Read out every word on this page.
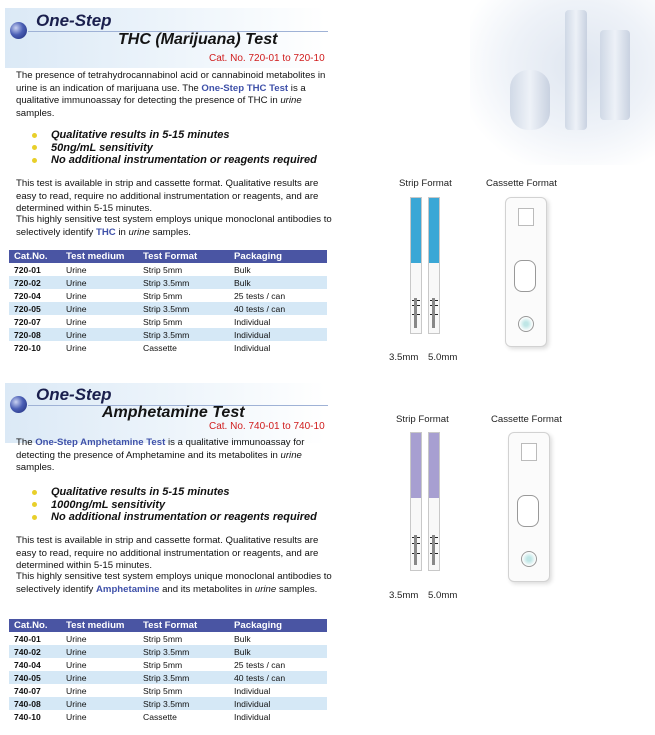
One-Step
THC (Marijuana) Test
Cat. No. 720-01 to 720-10

The presence of tetrahydrocannabinol acid or cannabinoid metabolites in urine is an indication of marijuana use. The One-Step THC Test is a qualitative immunoassay for detecting the presence of THC in urine samples.

Qualitative results in 5-15 minutes
50ng/mL sensitivity
No additional instrumentation or reagents required

This test is available in strip and cassette format. Qualitative results are easy to read, require no additional instrumentation or reagents, and are determined within 5-15 minutes.

This highly sensitive test system employs unique monoclonal antibodies to selectively identify THC in urine samples.

Cat.No.	Test medium	Test Format	Packaging
720-01	Urine	Strip 5mm	Bulk
720-02	Urine	Strip 3.5mm	Bulk
720-04	Urine	Strip 5mm	25 tests / can
720-05	Urine	Strip 3.5mm	40 tests / can
720-07	Urine	Strip 5mm	Individual
720-08	Urine	Strip 3.5mm	Individual
720-10	Urine	Cassette	Individual
Strip Format	Cassette Format
3.5mm 5.0mm
One-Step
Amphetamine Test
Cat. No. 740-01 to 740-10

The One-Step Amphetamine Test is a qualitative immunoassay for detecting the presence of Amphetamine and its metabolites in urine samples.

Qualitative results in 5-15 minutes
1000ng/mL sensitivity
No additional instrumentation or reagents required

This test is available in strip and cassette format. Qualitative results are easy to read, require no additional instrumentation or reagents, and are determined within 5-15 minutes.

This highly sensitive test system employs unique monoclonal antibodies to selectively identify Amphetamine and its metabolites in urine samples.

Cat.No.	Test medium	Test Format	Packaging
740-01	Urine	Strip 5mm	Bulk
740-02	Urine	Strip 3.5mm	Bulk
740-04	Urine	Strip 5mm	25 tests / can
740-05	Urine	Strip 3.5mm	40 tests / can
740-07	Urine	Strip 5mm	Individual
740-08	Urine	Strip 3.5mm	Individual
740-10	Urine	Cassette	Individual
Strip Format	Cassette Format
3.5mm 5.0mm
